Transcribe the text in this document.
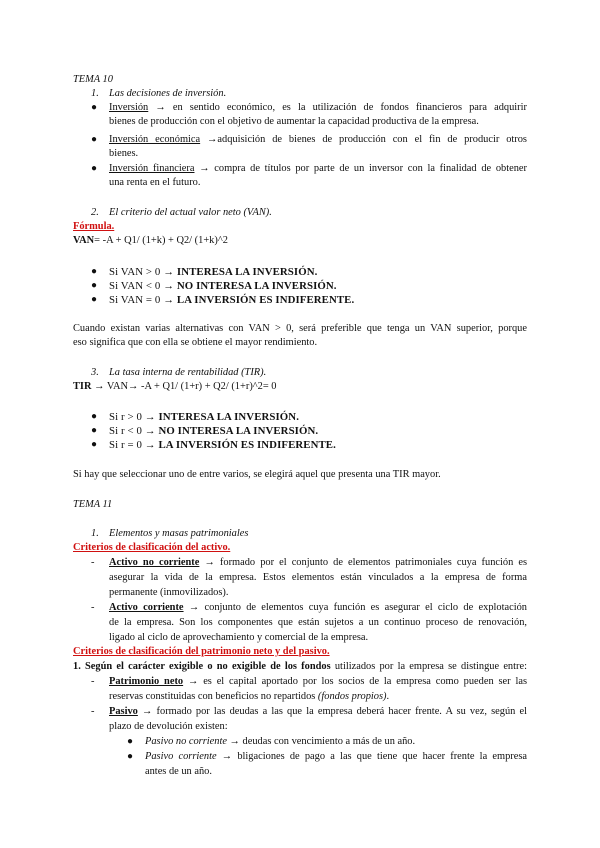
TEMA 10
1. Las decisiones de inversión.
● Inversión → en sentido económico, es la utilización de fondos financieros para adquirir
bienes de producción con el objetivo de aumentar la capacidad productiva de la empresa.
● Inversión económica →adquisición de bienes de producción con el fin de producir otros
bienes.
● Inversión financiera → compra de títulos por parte de un inversor con la finalidad de obtener
una renta en el futuro.
2. El criterio del actual valor neto (VAN).
Fórmula.
VAN= -A + Q1/ (1+k) + Q2/ (1+k)^2
● Si VAN > 0 → INTERESA LA INVERSIÓN.
● Si VAN < 0 → NO INTERESA LA INVERSIÓN.
● Si VAN = 0 → LA INVERSIÓN ES INDIFERENTE.
Cuando existan varias alternativas con VAN > 0, será preferible que tenga un VAN superior, porque
eso significa que con ella se obtiene el mayor rendimiento.
3. La tasa interna de rentabilidad (TIR).
TIR → VAN→ -A + Q1/ (1+r) + Q2/ (1+r)^2= 0
● Si r > 0 → INTERESA LA INVERSIÓN.
● Si r < 0 → NO INTERESA LA INVERSIÓN.
● Si r = 0 → LA INVERSIÓN ES INDIFERENTE.
Si hay que seleccionar uno de entre varios, se elegirá aquel que presenta una TIR mayor.
TEMA 11
1. Elementos y masas patrimoniales
Criterios de clasificación del activo.
- Activo no corriente → formado por el conjunto de elementos patrimoniales cuya función es
asegurar la vida de la empresa. Estos elementos están vinculados a la empresa de forma
permanente (inmovilizados).
- Activo corriente → conjunto de elementos cuya función es asegurar el ciclo de explotación
de la empresa. Son los componentes que están sujetos a un continuo proceso de renovación,
ligado al ciclo de aprovechamiento y comercial de la empresa.
Criterios de clasificación del patrimonio neto y del pasivo.
1. Según el carácter exigible o no exigible de los fondos utilizados por la empresa se distingue entre:
- Patrimonio neto → es el capital aportado por los socios de la empresa como pueden ser las
reservas constituidas con beneficios no repartidos (fondos propios).
- Pasivo → formado por las deudas a las que la empresa deberá hacer frente. A su vez, según el
plazo de devolución existen:
● Pasivo no corriente → deudas con vencimiento a más de un año.
● Pasivo corriente → bligaciones de pago a las que tiene que hacer frente la empresa
antes de un año.
